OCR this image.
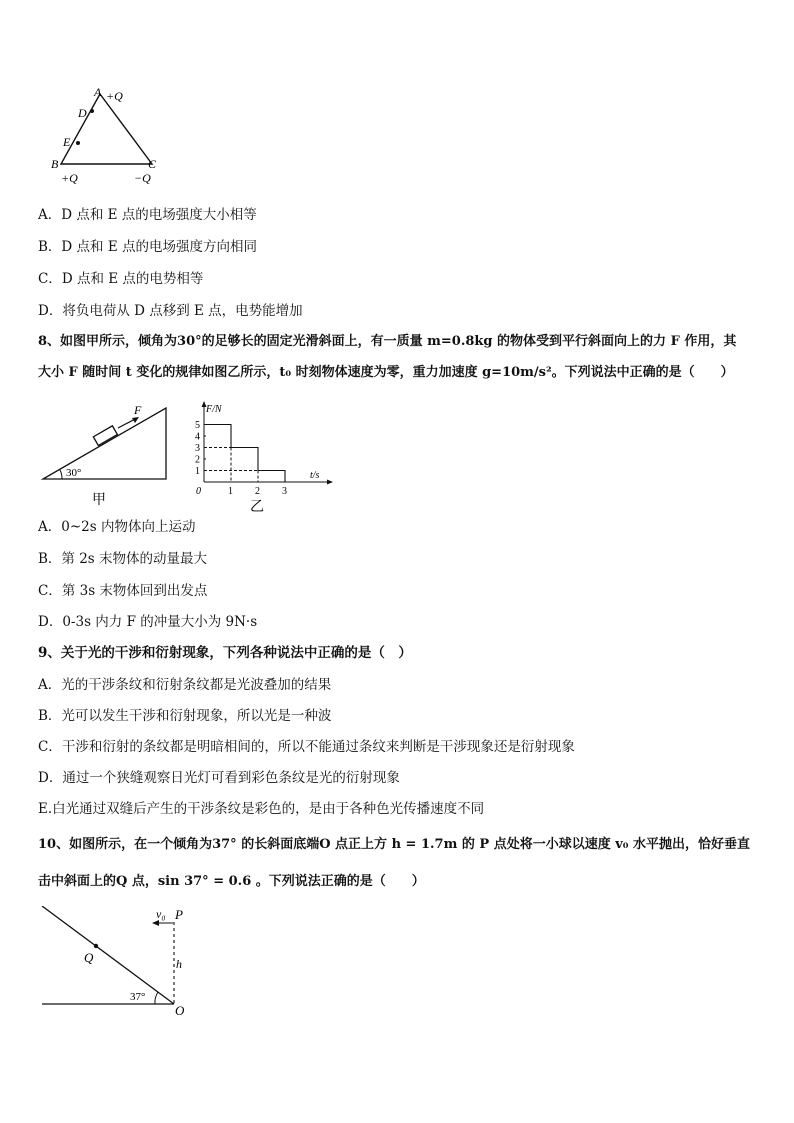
A +Q
D
E
B	C
+Q	−Q
A．D 点和 E 点的电场强度大小相等
B．D 点和 E 点的电场强度方向相同
C．D 点和 E 点的电势相等
D．将负电荷从 D 点移到 E 点，电势能增加
8、如图甲所示，倾角为30°的足够长的固定光滑斜面上，有一质量 m=0.8kg 的物体受到平行斜面向上的力 F 作用，其
大小 F 随时间 t 变化的规律如图乙所示，t₀ 时刻物体速度为零，重力加速度 g=10m/s²。下列说法中正确的是（　　）
F
30°
甲
F/N
t/s
0
1
2
3
4
5
1 2 3
乙
A．0~2s 内物体向上运动
B．第 2s 末物体的动量最大
C．第 3s 末物体回到出发点
D．0-3s 内力 F 的冲量大小为 9N·s
9、关于光的干涉和衍射现象，下列各种说法中正确的是（　）
A．光的干涉条纹和衍射条纹都是光波叠加的结果
B．光可以发生干涉和衍射现象，所以光是一种波
C．干涉和衍射的条纹都是明暗相间的，所以不能通过条纹来判断是干涉现象还是衍射现象
D．通过一个狭缝观察日光灯可看到彩色条纹是光的衍射现象
E.白光通过双缝后产生的干涉条纹是彩色的，是由于各种色光传播速度不同
10、如图所示，在一个倾角为37° 的长斜面底端O 点正上方 h = 1.7m 的 P 点处将一小球以速度 v₀ 水平抛出，恰好垂直
击中斜面上的Q 点，sin 37° = 0.6 。下列说法正确的是（　　）
v₀ P
h
Q
37°
O
